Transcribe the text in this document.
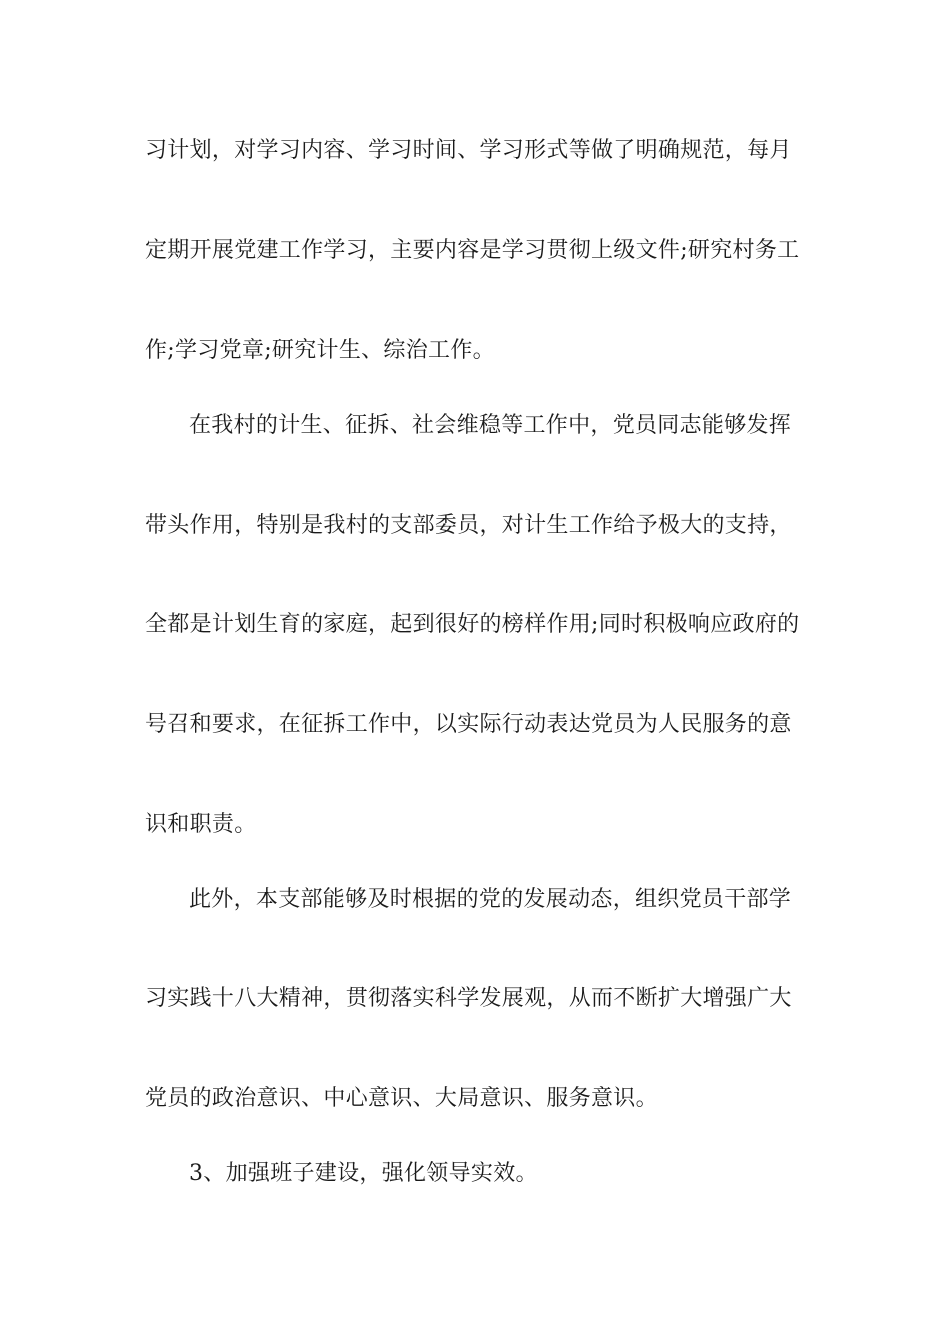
习计划，对学习内容、学习时间、学习形式等做了明确规范，每月
定期开展党建工作学习，主要内容是学习贯彻上级文件;研究村务工
作;学习党章;研究计生、综治工作。
在我村的计生、征拆、社会维稳等工作中，党员同志能够发挥
带头作用，特别是我村的支部委员，对计生工作给予极大的支持，
全都是计划生育的家庭，起到很好的榜样作用;同时积极响应政府的
号召和要求，在征拆工作中，以实际行动表达党员为人民服务的意
识和职责。
此外，本支部能够及时根据的党的发展动态，组织党员干部学
习实践十八大精神，贯彻落实科学发展观，从而不断扩大增强广大
党员的政治意识、中心意识、大局意识、服务意识。
3、加强班子建设，强化领导实效。
